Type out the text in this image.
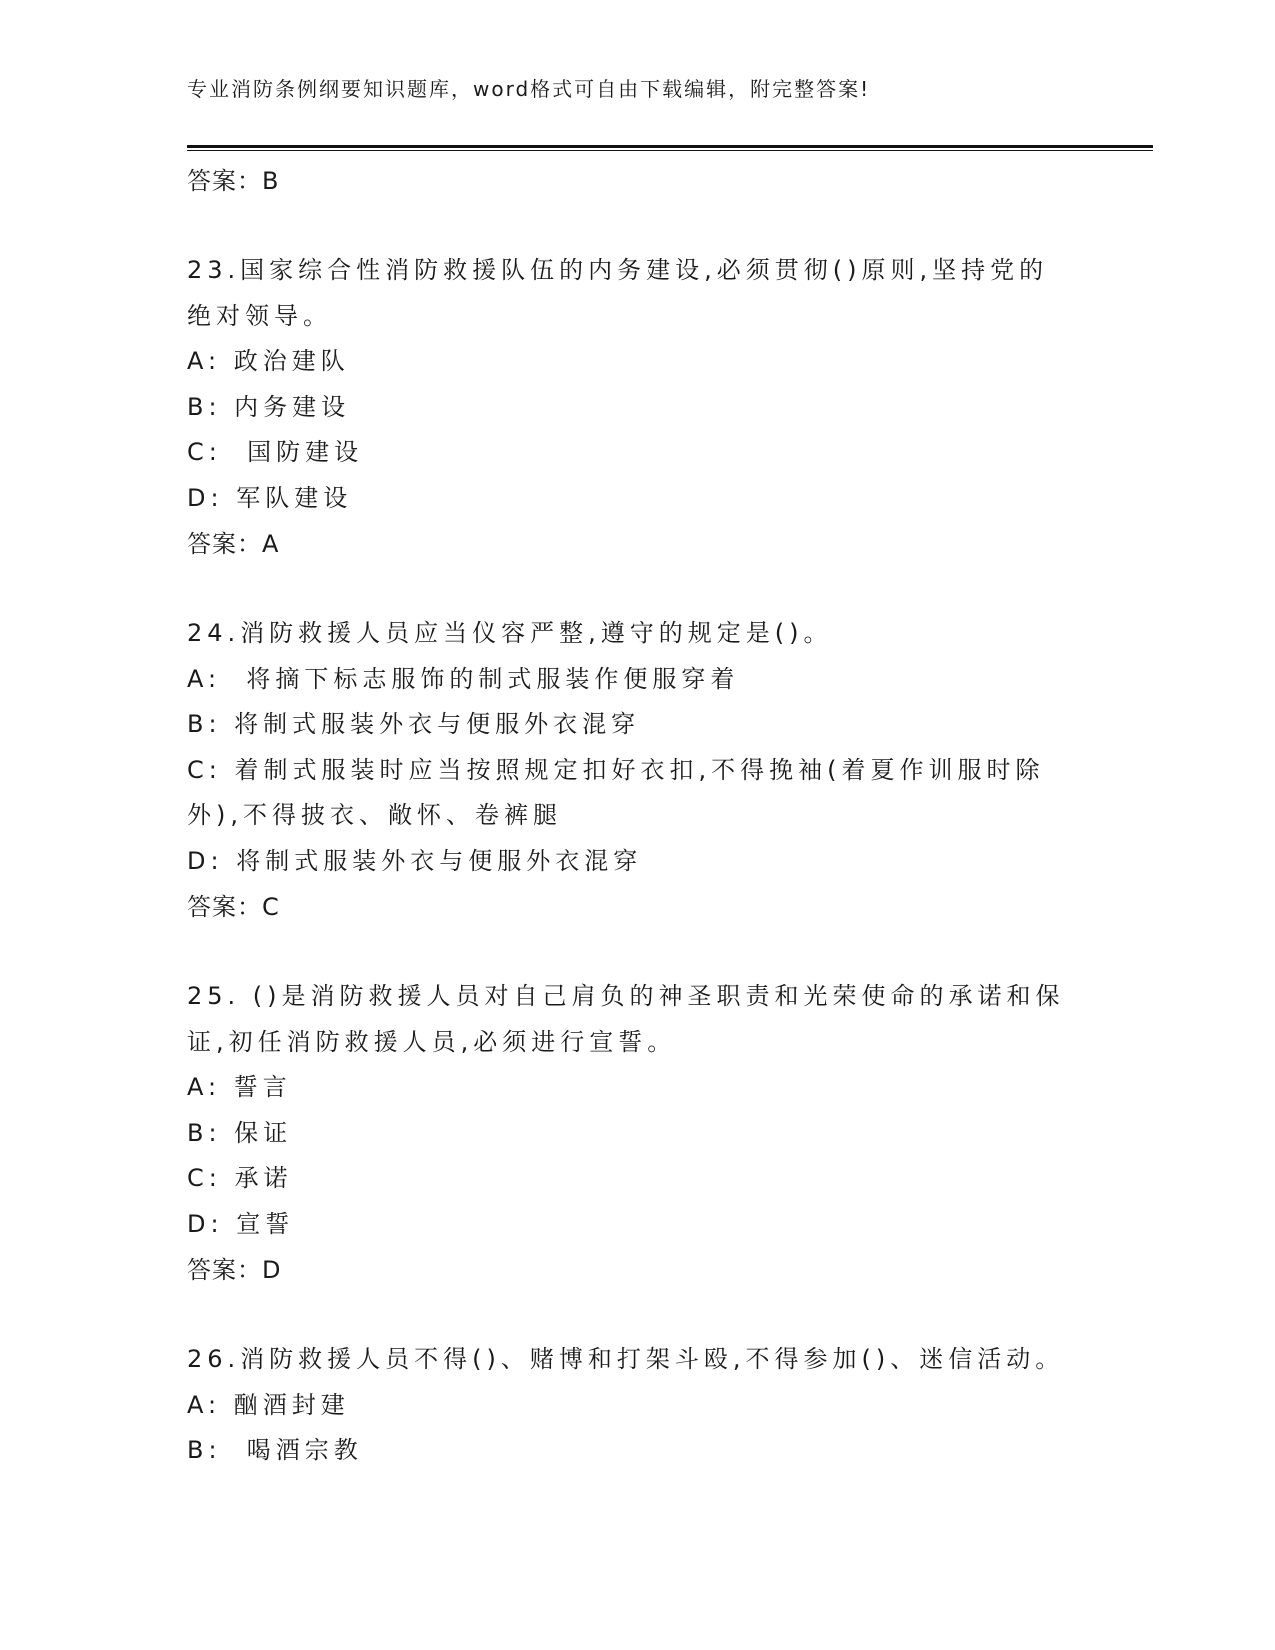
专业消防条例纲要知识题库，word格式可自由下载编辑，附完整答案!
答案：B
23.国家综合性消防救援队伍的内务建设,必须贯彻()原则,坚持党的绝对领导。
A: 政治建队
B: 内务建设
C:  国防建设
D: 军队建设
答案：A
24.消防救援人员应当仪容严整,遵守的规定是()。
A:  将摘下标志服饰的制式服装作便服穿着
B: 将制式服装外衣与便服外衣混穿
C: 着制式服装时应当按照规定扣好衣扣,不得挽袖(着夏作训服时除外),不得披衣、敞怀、卷裤腿
D: 将制式服装外衣与便服外衣混穿
答案：C
25. ()是消防救援人员对自己肩负的神圣职责和光荣使命的承诺和保证,初任消防救援人员,必须进行宣誓。
A: 誓言
B: 保证
C: 承诺
D: 宣誓
答案：D
26.消防救援人员不得()、赌博和打架斗殴,不得参加()、迷信活动。
A: 酗酒封建
B:  喝酒宗教
